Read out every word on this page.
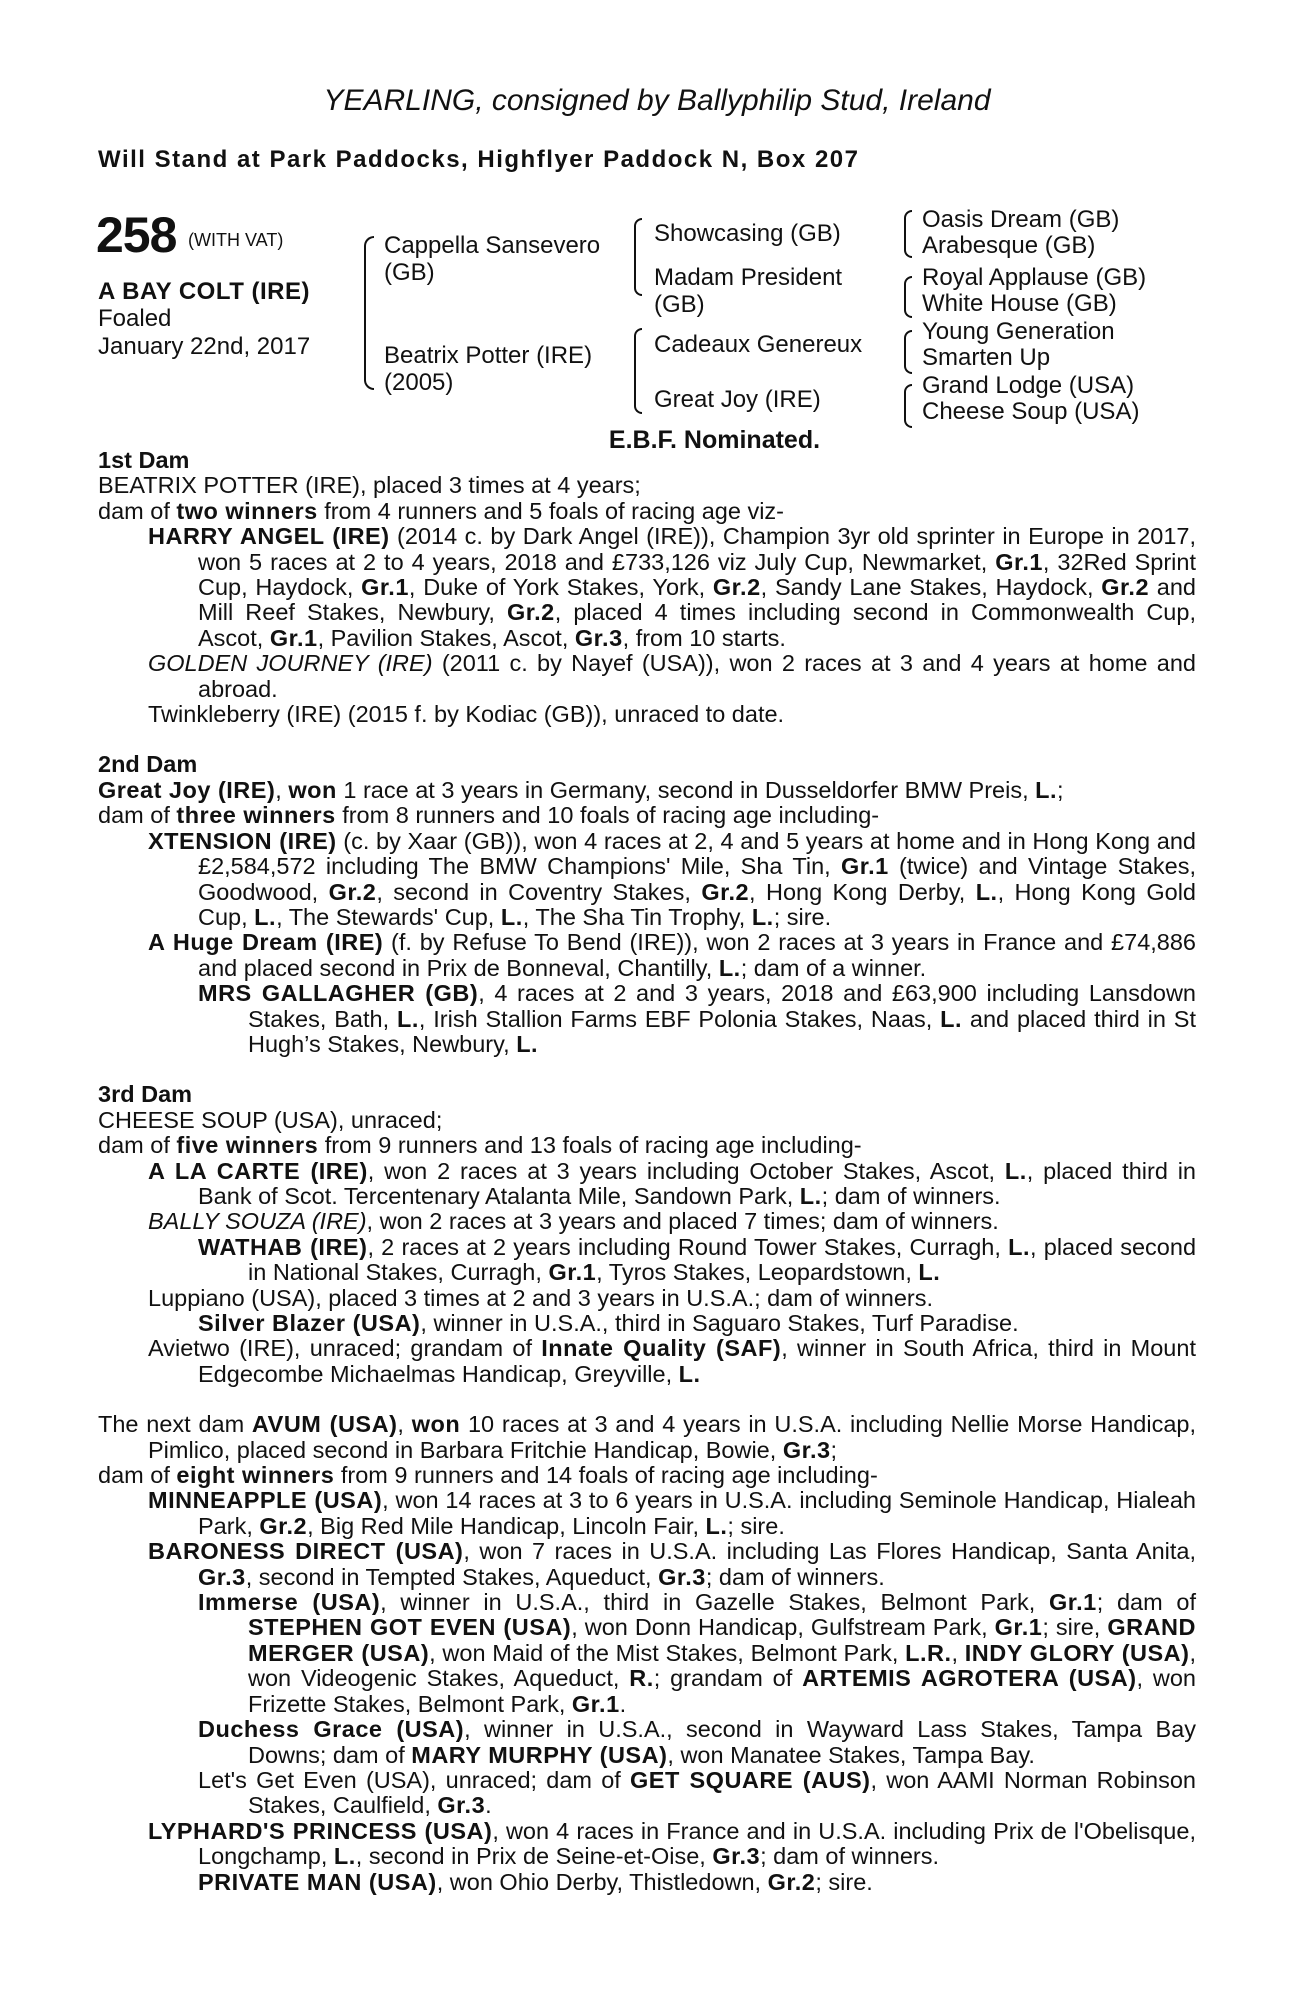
YEARLING, consigned by Ballyphilip Stud, Ireland
Will Stand at Park Paddocks, Highflyer Paddock N, Box 207
258 (WITH VAT)
A BAY COLT (IRE)
Foaled
January 22nd, 2017
Cappella Sansevero
(GB)
Beatrix Potter (IRE)
(2005)
Showcasing (GB)
Madam President
(GB)
Cadeaux Genereux
Great Joy (IRE)
Oasis Dream (GB)
Arabesque (GB)
Royal Applause (GB)
White House (GB)
Young Generation
Smarten Up
Grand Lodge (USA)
Cheese Soup (USA)
E.B.F. Nominated.
1st Dam

BEATRIX POTTER (IRE), placed 3 times at 4 years;

dam of two winners from 4 runners and 5 foals of racing age viz-

HARRY ANGEL (IRE) (2014 c. by Dark Angel (IRE)), Champion 3yr old sprinter in Europe in 2017, won 5 races at 2 to 4 years, 2018 and £733,126 viz July Cup, Newmarket, Gr.1, 32Red Sprint Cup, Haydock, Gr.1, Duke of York Stakes, York, Gr.2, Sandy Lane Stakes, Haydock, Gr.2 and Mill Reef Stakes, Newbury, Gr.2, placed 4 times including second in Commonwealth Cup, Ascot, Gr.1, Pavilion Stakes, Ascot, Gr.3, from 10 starts.

GOLDEN JOURNEY (IRE) (2011 c. by Nayef (USA)), won 2 races at 3 and 4 years at home and abroad.

Twinkleberry (IRE) (2015 f. by Kodiac (GB)), unraced to date.

2nd Dam

Great Joy (IRE), won 1 race at 3 years in Germany, second in Dusseldorfer BMW Preis, L.;

dam of three winners from 8 runners and 10 foals of racing age including-

XTENSION (IRE) (c. by Xaar (GB)), won 4 races at 2, 4 and 5 years at home and in Hong Kong and £2,584,572 including The BMW Champions' Mile, Sha Tin, Gr.1 (twice) and Vintage Stakes, Goodwood, Gr.2, second in Coventry Stakes, Gr.2, Hong Kong Derby, L., Hong Kong Gold Cup, L., The Stewards' Cup, L., The Sha Tin Trophy, L.; sire.

A Huge Dream (IRE) (f. by Refuse To Bend (IRE)), won 2 races at 3 years in France and £74,886 and placed second in Prix de Bonneval, Chantilly, L.; dam of a winner.

MRS GALLAGHER (GB), 4 races at 2 and 3 years, 2018 and £63,900 including Lansdown Stakes, Bath, L., Irish Stallion Farms EBF Polonia Stakes, Naas, L. and placed third in St Hugh’s Stakes, Newbury, L.

3rd Dam

CHEESE SOUP (USA), unraced;

dam of five winners from 9 runners and 13 foals of racing age including-

A LA CARTE (IRE), won 2 races at 3 years including October Stakes, Ascot, L., placed third in Bank of Scot. Tercentenary Atalanta Mile, Sandown Park, L.; dam of winners.

BALLY SOUZA (IRE), won 2 races at 3 years and placed 7 times; dam of winners.

WATHAB (IRE), 2 races at 2 years including Round Tower Stakes, Curragh, L., placed second in National Stakes, Curragh, Gr.1, Tyros Stakes, Leopardstown, L.

Luppiano (USA), placed 3 times at 2 and 3 years in U.S.A.; dam of winners.

Silver Blazer (USA), winner in U.S.A., third in Saguaro Stakes, Turf Paradise.

Avietwo (IRE), unraced; grandam of Innate Quality (SAF), winner in South Africa, third in Mount Edgecombe Michaelmas Handicap, Greyville, L.

The next dam AVUM (USA), won 10 races at 3 and 4 years in U.S.A. including Nellie Morse Handicap, Pimlico, placed second in Barbara Fritchie Handicap, Bowie, Gr.3;

dam of eight winners from 9 runners and 14 foals of racing age including-

MINNEAPPLE (USA), won 14 races at 3 to 6 years in U.S.A. including Seminole Handicap, Hialeah Park, Gr.2, Big Red Mile Handicap, Lincoln Fair, L.; sire.

BARONESS DIRECT (USA), won 7 races in U.S.A. including Las Flores Handicap, Santa Anita, Gr.3, second in Tempted Stakes, Aqueduct, Gr.3; dam of winners.

Immerse (USA), winner in U.S.A., third in Gazelle Stakes, Belmont Park, Gr.1; dam of STEPHEN GOT EVEN (USA), won Donn Handicap, Gulfstream Park, Gr.1; sire, GRAND MERGER (USA), won Maid of the Mist Stakes, Belmont Park, L.R., INDY GLORY (USA), won Videogenic Stakes, Aqueduct, R.; grandam of ARTEMIS AGROTERA (USA), won Frizette Stakes, Belmont Park, Gr.1.

Duchess Grace (USA), winner in U.S.A., second in Wayward Lass Stakes, Tampa Bay Downs; dam of MARY MURPHY (USA), won Manatee Stakes, Tampa Bay.

Let's Get Even (USA), unraced; dam of GET SQUARE (AUS), won AAMI Norman Robinson Stakes, Caulfield, Gr.3.

LYPHARD'S PRINCESS (USA), won 4 races in France and in U.S.A. including Prix de l'Obelisque, Longchamp, L., second in Prix de Seine-et-Oise, Gr.3; dam of winners.

PRIVATE MAN (USA), won Ohio Derby, Thistledown, Gr.2; sire.
